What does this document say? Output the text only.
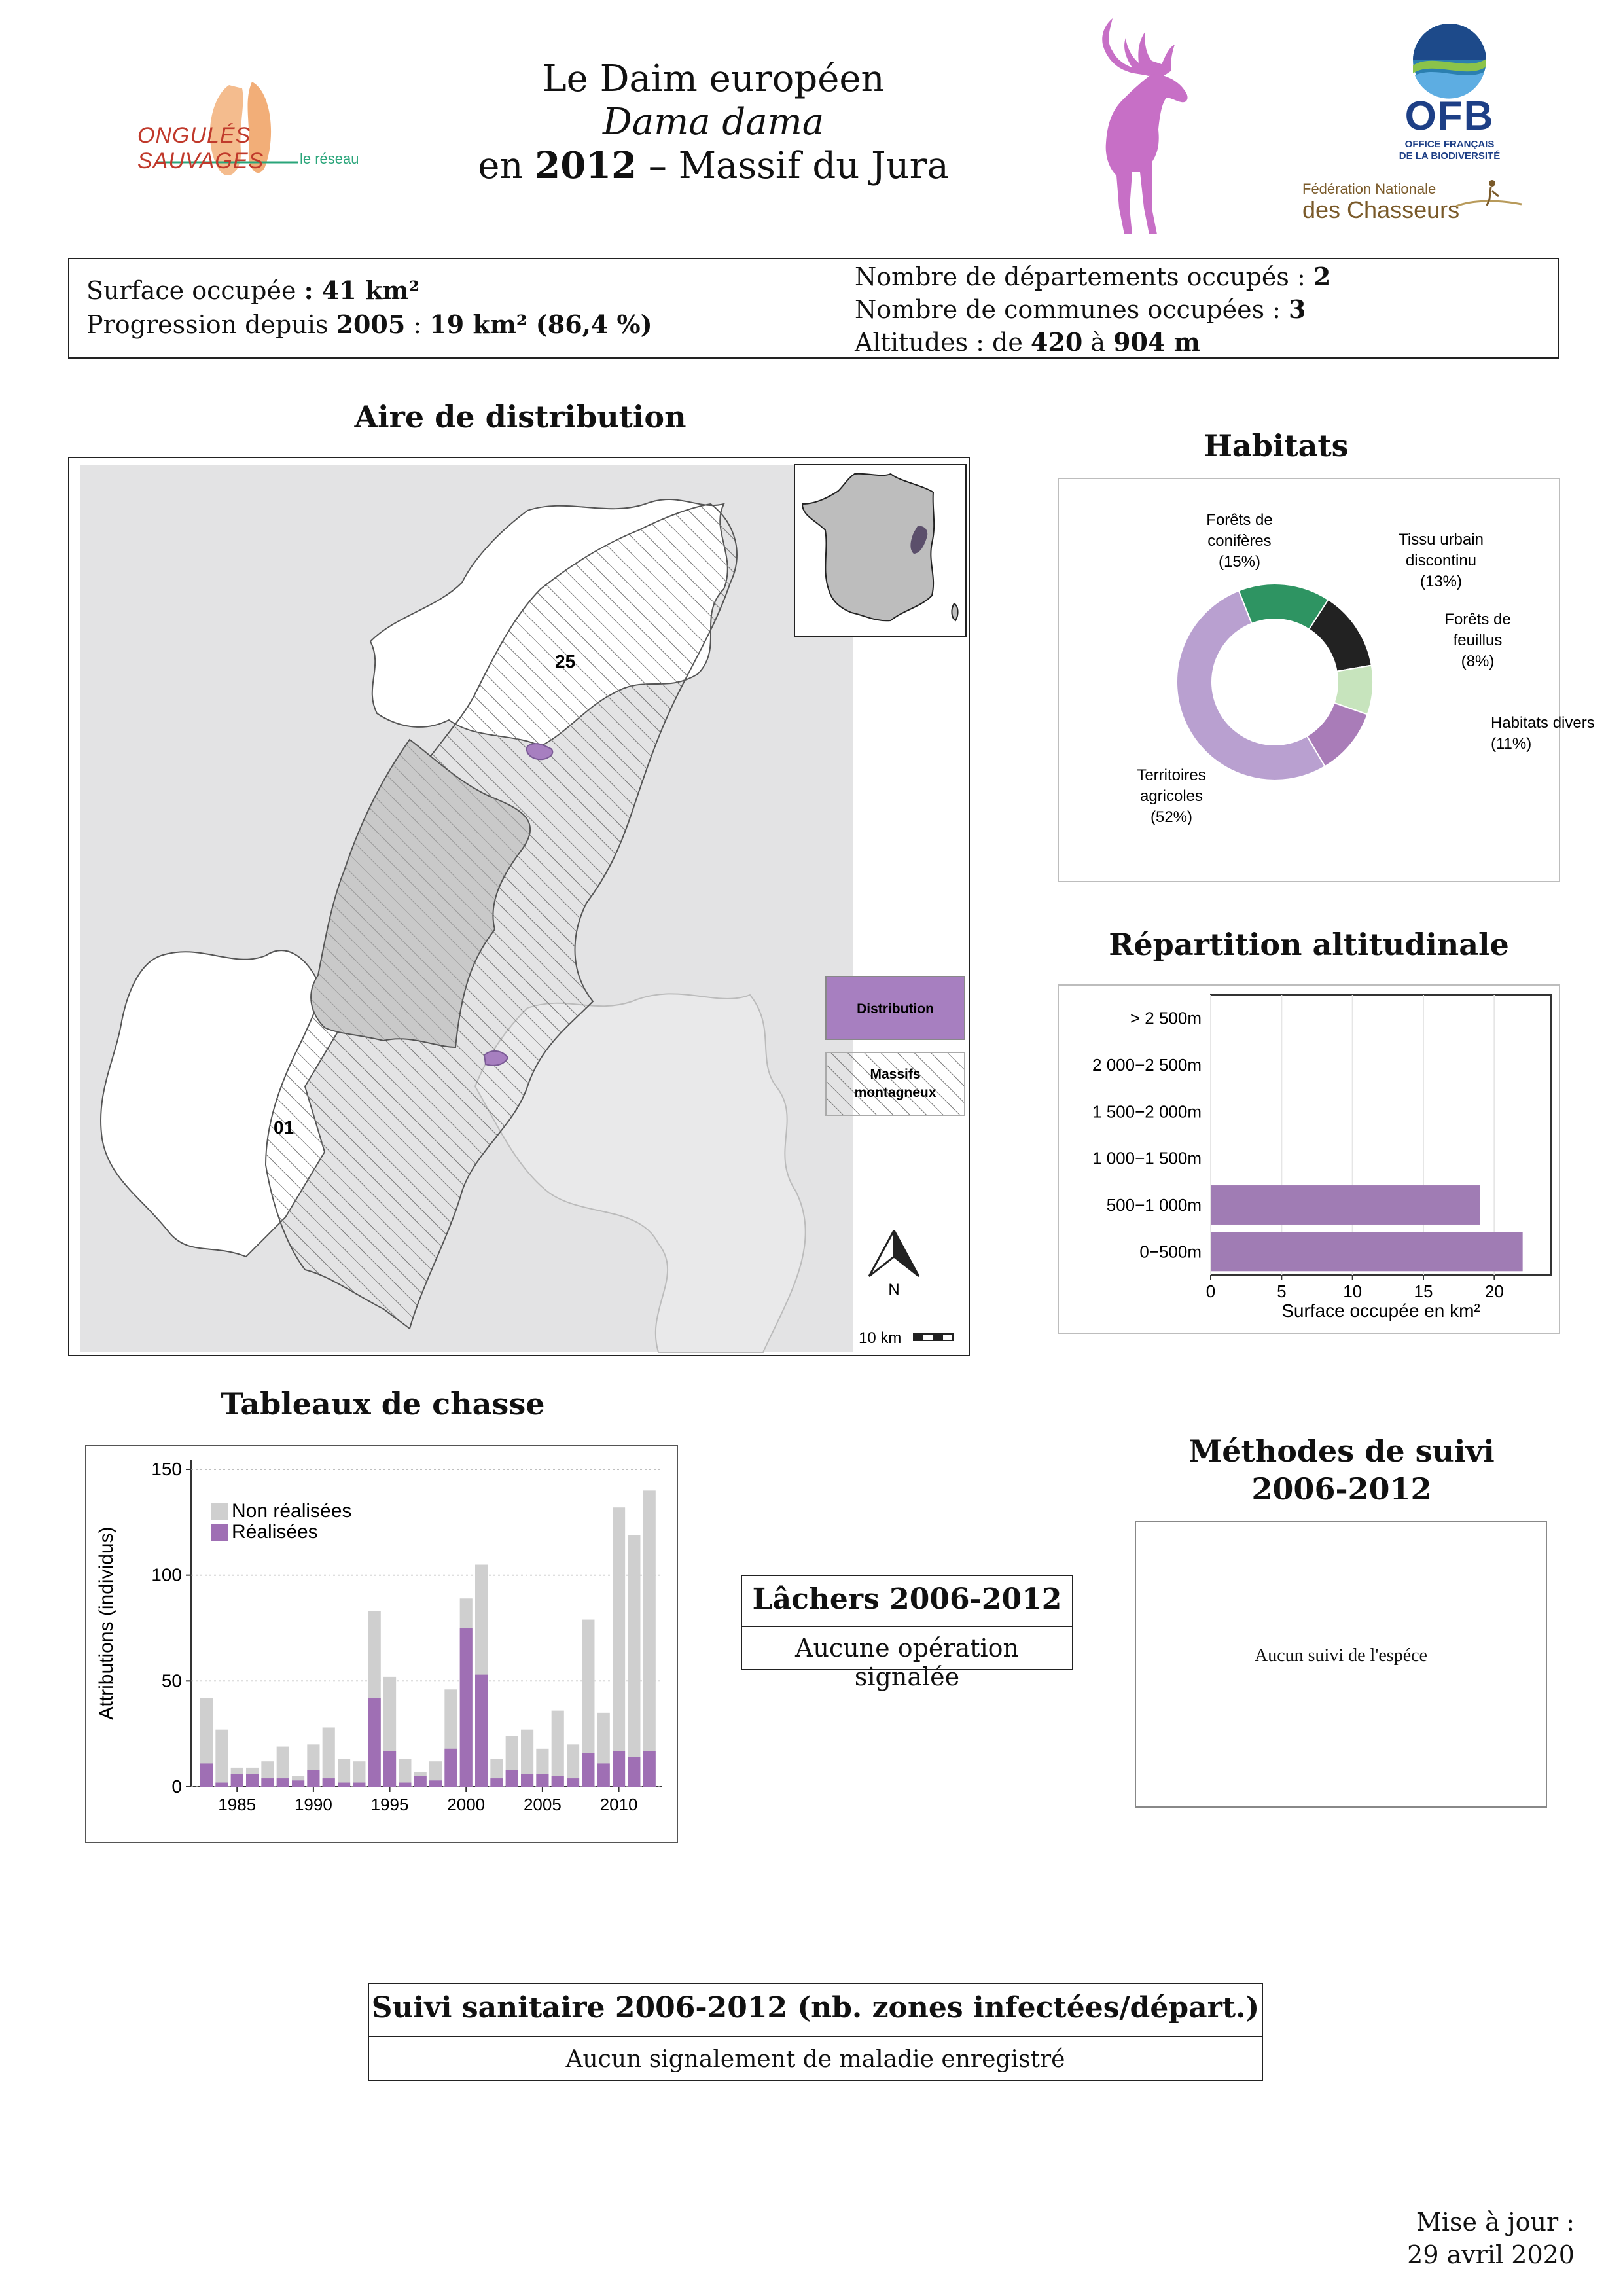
ONGULÉS SAUVAGES	le réseau
Le Daim européen
Dama dama
en 2012 – Massif du Jura
OFB
OFFICE FRANÇAIS
DE LA BIODIVERSITÉ
Fédération Nationale
des Chasseurs
Surface occupée : 41 km²
Progression depuis 2005 : 19 km² (86,4 %)
Nombre de départements occupés : 2
Nombre de communes occupées : 3
Altitudes : de 420 à 904 m
Aire de distribution
25
01
Distribution
Massifs
montagneux
N
10 km
Habitats
Forêts de
conifères
(15%)
Tissu urbain
discontinu
(13%)
Forêts de
feuillus
(8%)
Habitats divers
(11%)
Territoires
agricoles
(52%)
Répartition altitudinale
0	5	10	15	20
> 2 500m
2 000−2 500m
1 500−2 000m
1 000−1 500m
500−1 000m
0−500m
Surface occupée en km²
Tableaux de chasse
0
50
100
150
Attributions (individus)
1985 1990 1995 2000 2005 2010
Non réalisées
Réalisées
Lâchers 2006-2012
Aucune opération signalée
Méthodes de suivi
2006-2012
Aucun suivi de l'espéce
Suivi sanitaire 2006-2012 (nb. zones infectées/départ.)
Aucun signalement de maladie enregistré
Mise à jour :
29 avril 2020
